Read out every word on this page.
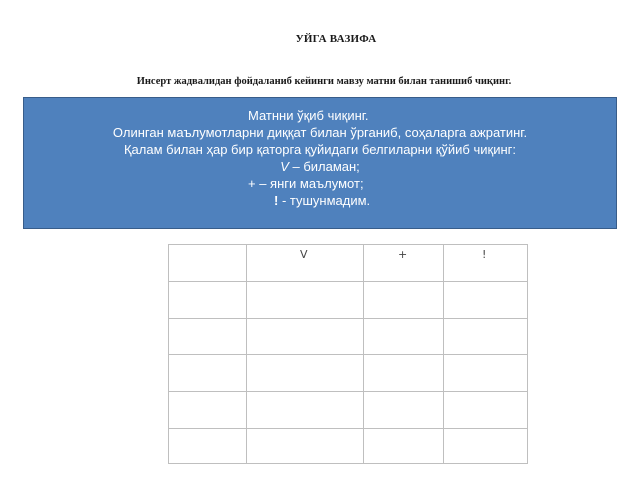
УЙГА ВАЗИФА
Инсерт жадвалидан фойдаланиб кейинги мавзу матни билан танишиб чиқинг.
Матнни ўқиб чиқинг.
Олинган маълумотларни диққат билан ўрганиб, соҳаларга ажратинг.
Қалам билан ҳар бир қаторга қуйидаги белгиларни қўйиб чиқинг:
V – биламан;
+ – янги маълумот;
! - тушунмадим.
V	+	!
